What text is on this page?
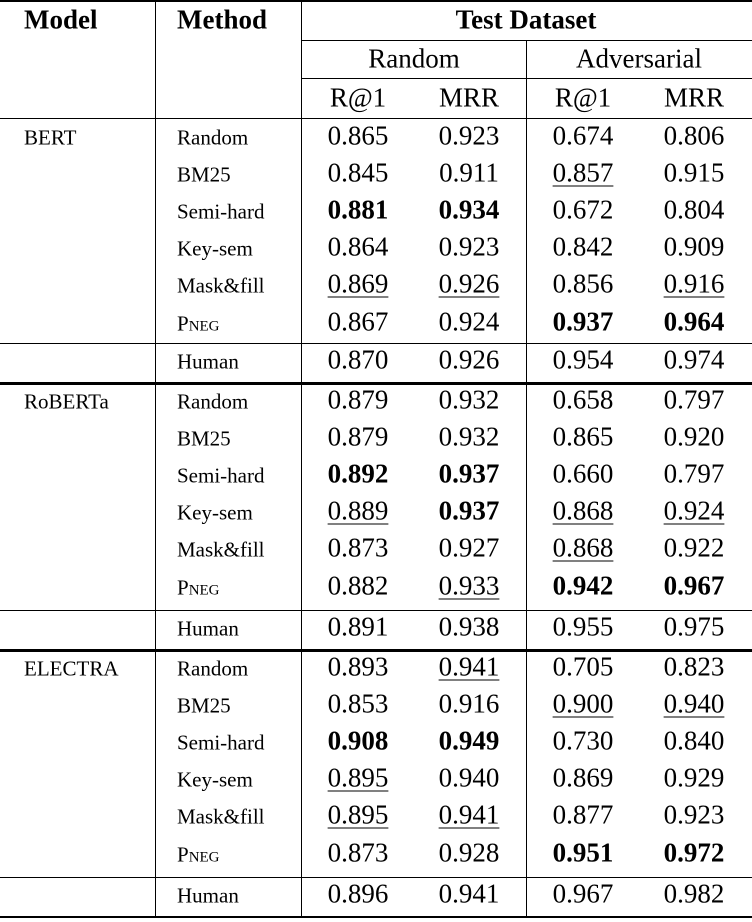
Model	Method	Test Dataset
Random	Adversarial
R@1 MRR R@1 MRR
BERT	Random	0.865 0.923 0.674 0.806
BM25	0.845 0.911 0.857 0.915
Semi-hard 0.881 0.934 0.672 0.804
Key-sem	0.864 0.923 0.842 0.909
Mask&fill 0.869 0.926 0.856 0.916
PNEG	0.867 0.924 0.937 0.964
Human	0.870 0.926 0.954 0.974
RoBERTa	Random	0.879 0.932 0.658 0.797
BM25	0.879 0.932 0.865 0.920
Semi-hard 0.892 0.937 0.660 0.797
Key-sem	0.889 0.937 0.868 0.924
Mask&fill 0.873 0.927 0.868 0.922
PNEG	0.882 0.933 0.942 0.967
Human	0.891 0.938 0.955 0.975
ELECTRA	Random	0.893 0.941 0.705 0.823
BM25	0.853 0.916 0.900 0.940
Semi-hard 0.908 0.949 0.730 0.840
Key-sem	0.895 0.940 0.869 0.929
Mask&fill 0.895 0.941 0.877 0.923
PNEG	0.873 0.928 0.951 0.972
Human	0.896 0.941 0.967 0.982
